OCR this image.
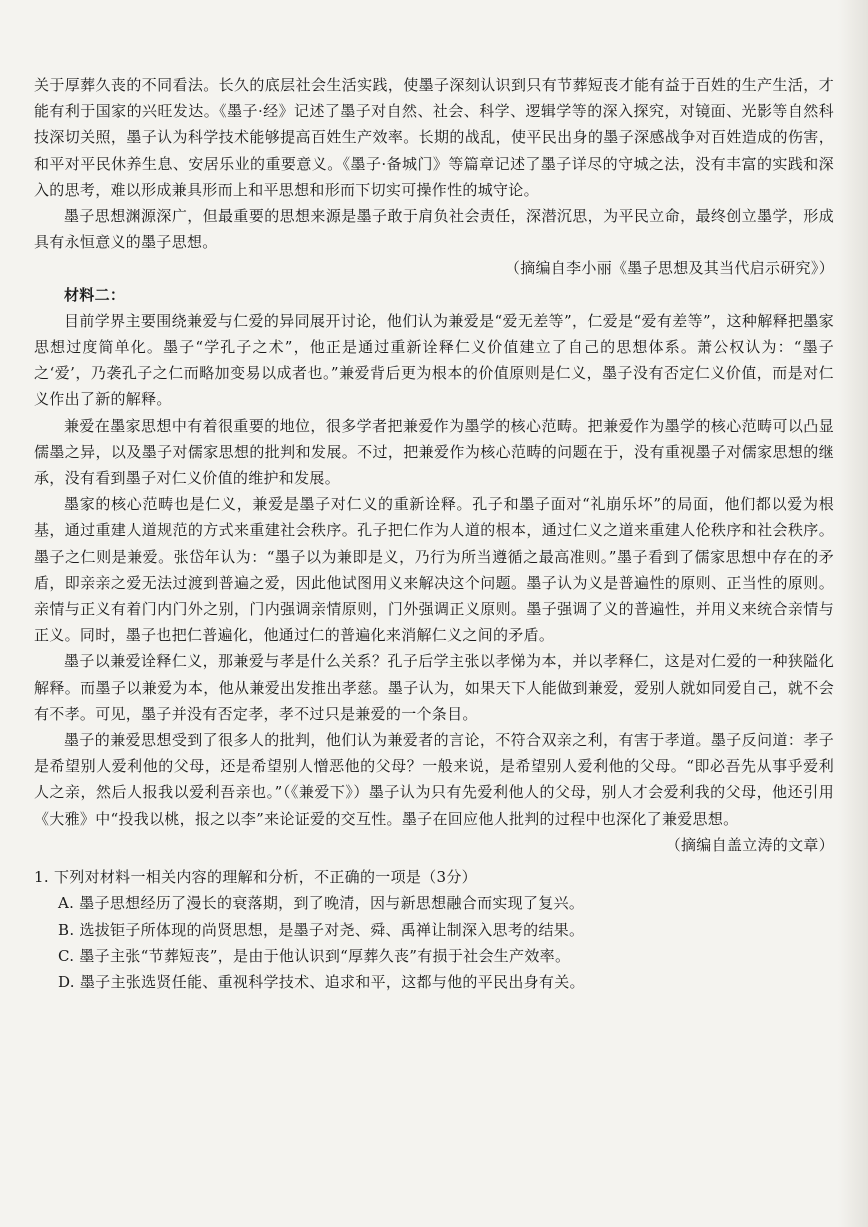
关于厚葬久丧的不同看法。长久的底层社会生活实践，使墨子深刻认识到只有节葬短丧才能有益于百姓的生产生活，才能有利于国家的兴旺发达。《墨子·经》记述了墨子对自然、社会、科学、逻辑学等的深入探究，对镜面、光影等自然科技深切关照，墨子认为科学技术能够提高百姓生产效率。长期的战乱，使平民出身的墨子深感战争对百姓造成的伤害，和平对平民休养生息、安居乐业的重要意义。《墨子·备城门》等篇章记述了墨子详尽的守城之法，没有丰富的实践和深入的思考，难以形成兼具形而上和平思想和形而下切实可操作性的城守论。

墨子思想渊源深广，但最重要的思想来源是墨子敢于肩负社会责任，深潜沉思，为平民立命，最终创立墨学，形成具有永恒意义的墨子思想。

（摘编自李小丽《墨子思想及其当代启示研究》）

材料二：

目前学界主要围绕兼爱与仁爱的异同展开讨论，他们认为兼爱是“爱无差等”，仁爱是“爱有差等”，这种解释把墨家思想过度简单化。墨子“学孔子之术”，他正是通过重新诠释仁义价值建立了自己的思想体系。萧公权认为：“墨子之‘爱’，乃袭孔子之仁而略加变易以成者也。”兼爱背后更为根本的价值原则是仁义，墨子没有否定仁义价值，而是对仁义作出了新的解释。

兼爱在墨家思想中有着很重要的地位，很多学者把兼爱作为墨学的核心范畴。把兼爱作为墨学的核心范畴可以凸显儒墨之异，以及墨子对儒家思想的批判和发展。不过，把兼爱作为核心范畴的问题在于，没有重视墨子对儒家思想的继承，没有看到墨子对仁义价值的维护和发展。

墨家的核心范畴也是仁义，兼爱是墨子对仁义的重新诠释。孔子和墨子面对“礼崩乐坏”的局面，他们都以爱为根基，通过重建人道规范的方式来重建社会秩序。孔子把仁作为人道的根本，通过仁义之道来重建人伦秩序和社会秩序。墨子之仁则是兼爱。张岱年认为：“墨子以为兼即是义，乃行为所当遵循之最高准则。”墨子看到了儒家思想中存在的矛盾，即亲亲之爱无法过渡到普遍之爱，因此他试图用义来解决这个问题。墨子认为义是普遍性的原则、正当性的原则。亲情与正义有着门内门外之别，门内强调亲情原则，门外强调正义原则。墨子强调了义的普遍性，并用义来统合亲情与正义。同时，墨子也把仁普遍化，他通过仁的普遍化来消解仁义之间的矛盾。

墨子以兼爱诠释仁义，那兼爱与孝是什么关系？孔子后学主张以孝悌为本，并以孝释仁，这是对仁爱的一种狭隘化解释。而墨子以兼爱为本，他从兼爱出发推出孝慈。墨子认为，如果天下人能做到兼爱，爱别人就如同爱自己，就不会有不孝。可见，墨子并没有否定孝，孝不过只是兼爱的一个条目。

墨子的兼爱思想受到了很多人的批判，他们认为兼爱者的言论，不符合双亲之利，有害于孝道。墨子反问道：孝子是希望别人爱利他的父母，还是希望别人憎恶他的父母？一般来说，是希望别人爱利他的父母。“即必吾先从事乎爱利人之亲，然后人报我以爱利吾亲也。”（《兼爱下》）墨子认为只有先爱利他人的父母，别人才会爱利我的父母，他还引用《大雅》中“投我以桃，报之以李”来论证爱的交互性。墨子在回应他人批判的过程中也深化了兼爱思想。

（摘编自盖立涛的文章）

1. 下列对材料一相关内容的理解和分析，不正确的一项是（3分）

A. 墨子思想经历了漫长的衰落期，到了晚清，因与新思想融合而实现了复兴。

B. 选拔钜子所体现的尚贤思想，是墨子对尧、舜、禹禅让制深入思考的结果。

C. 墨子主张“节葬短丧”，是由于他认识到“厚葬久丧”有损于社会生产效率。

D. 墨子主张选贤任能、重视科学技术、追求和平，这都与他的平民出身有关。
